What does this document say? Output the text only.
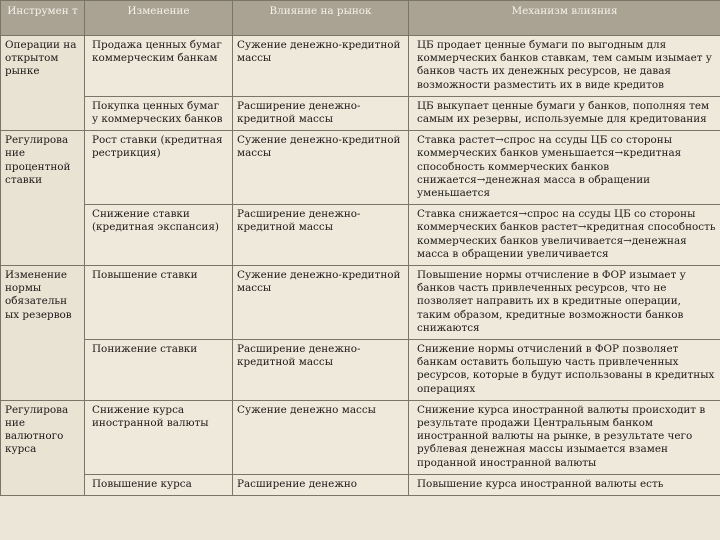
Инструмен т	Изменение	Влияние на рынок	Механизм влияния
Операции на открытом рынке	Продажа ценных бумаг коммерческим банкам	Сужение денежно-кредитной массы	ЦБ продает ценные бумаги по выгодным для коммерческих банков ставкам, тем самым изымает у банков часть их денежных ресурсов, не давая возможности разместить их в виде кредитов
	Покупка ценных бумаг у коммерческих банков	Расширение денежно-кредитной массы	ЦБ выкупает ценные бумаги у банков, пополняя тем самым их резервы, используемые для кредитования
Регулирова ние процентной ставки	Рост ставки (кредитная рестрикция)	Сужение денежно-кредитной массы	Ставка растет→спрос на ссуды ЦБ со стороны коммерческих банков уменьшается→кредитная способность коммерческих банков снижается→денежная масса в обращении уменьшается
	Снижение ставки (кредитная экспансия)	Расширение денежно-кредитной массы	Ставка снижается→спрос на ссуды ЦБ со стороны коммерческих банков растет→кредитная способность коммерческих банков увеличивается→денежная масса в обращении увеличивается
Изменение нормы обязательн ых резервов	Повышение ставки	Сужение денежно-кредитной массы	Повышение нормы отчисление в ФОР изымает у банков часть привлеченных ресурсов, что не позволяет направить их в кредитные операции, таким образом, кредитные возможности банков снижаются
	Понижение ставки	Расширение денежно-кредитной массы	Снижение нормы отчислений в ФОР позволяет банкам оставить большую часть привлеченных ресурсов, которые в будут использованы в кредитных операциях
Регулирова ние валютного курса	Снижение курса иностранной валюты	Сужение денежно массы	Снижение курса иностранной валюты происходит в результате продажи Центральным банком иностранной валюты на рынке, в результате чего рублевая денежная массы изымается взамен проданной иностранной валюты
	Повышение курса	Расширение денежно	Повышение курса иностранной валюты есть
